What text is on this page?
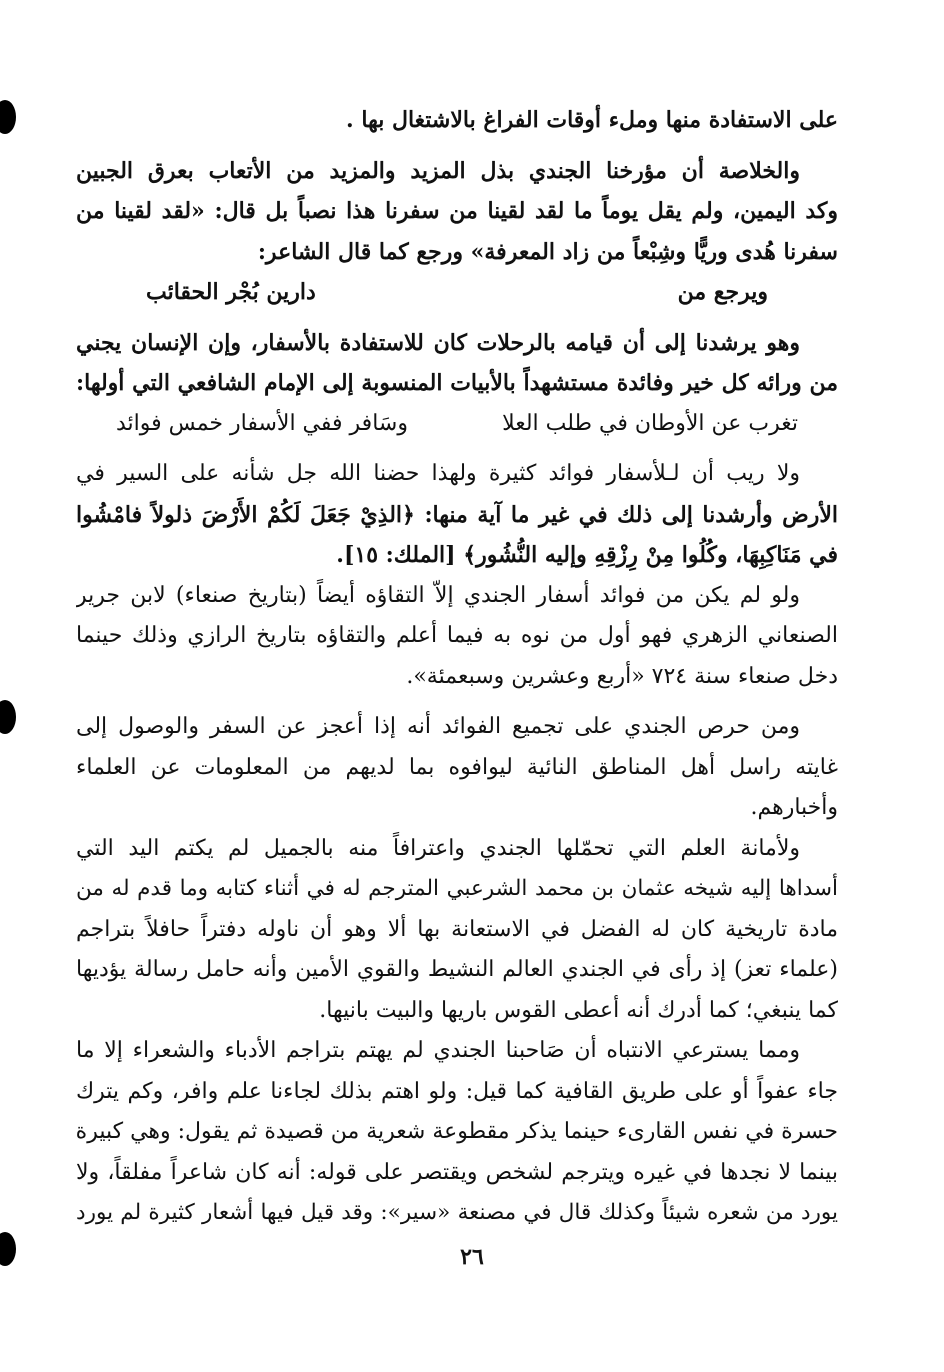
على الاستفادة منها وملء أوقات الفراغ بالاشتغال بها .
والخلاصة أن مؤرخنا الجندي بذل المزيد والمزيد من الأتعاب بعرق الجبين
وكد اليمين، ولم يقل يوماً ما لقد لقينا من سفرنا هذا نصباً بل قال: «لقد لقينا من
سفرنا هُدى وريًّا وشِبْعاً من زاد المعرفة» ورجع كما قال الشاعر:
ويرجع من
دارين بُجْر الحقائب
وهو يرشدنا إلى أن قيامه بالرحلات كان للاستفادة بالأسفار، وإن الإنسان يجني
من ورائه كل خير وفائدة مستشهداً بالأبيات المنسوبة إلى الإمام الشافعي التي أولها:
تغرب عن الأوطان في طلب العلا
وسَافر ففي الأسفار خمس فوائد
ولا ريب أن لـلأسفار فوائد كثيرة ولهذا حضنا الله جل شأنه على السير في
الأرض وأرشدنا إلى ذلك في غير ما آية منها: ﴿الذِيْ جَعَلَ لَكُمْ الأَرْضَ ذلولاً فامْشُوا
في مَنَاكِبِهَا، وكُلُوا مِنْ رِزْقِهِ وإليه النُّشُور﴾ [الملك: ١٥].
ولو لم يكن من فوائد أسفار الجندي إلاّ التقاؤه أيضاً (بتاريخ صنعاء) لابن جرير
الصنعاني الزهري فهو أول من نوه به فيما أعلم والتقاؤه بتاريخ الرازي وذلك حينما
دخل صنعاء سنة ٧٢٤ «أربع وعشرين وسبعمئة».
ومن حرص الجندي على تجميع الفوائد أنه إذا أعجز عن السفر والوصول إلى
غايته راسل أهل المناطق النائية ليوافوه بما لديهم من المعلومات عن العلماء
وأخبارهم.
ولأمانة العلم التي تحمّلها الجندي واعترافاً منه بالجميل لم يكتم اليد التي
أسداها إليه شيخه عثمان بن محمد الشرعبي المترجم له في أثناء كتابه وما قدم له من
مادة تاريخية كان له الفضل في الاستعانة بها ألا وهو أن ناوله دفتراً حافلاً بتراجم
(علماء تعز) إذ رأى في الجندي العالم النشيط والقوي الأمين وأنه حامل رسالة يؤديها
كما ينبغي؛ كما أدرك أنه أعطى القوس باريها والبيت بانيها.
ومما يسترعي الانتباه أن صَاحبنا الجندي لم يهتم بتراجم الأدباء والشعراء إلا ما
جاء عفواً أو على طريق القافية كما قيل: ولو اهتم بذلك لجاءنا علم وافر، وكم يترك
حسرة في نفس القارىء حينما يذكر مقطوعة شعرية من قصيدة ثم يقول: وهي كبيرة
بينما لا نجدها في غيره ويترجم لشخص ويقتصر على قوله: أنه كان شاعراً مفلقاً، ولا
يورد من شعره شيئاً وكذلك قال في مصنعة «سير»: وقد قيل فيها أشعار كثيرة لم يورد
٢٦
